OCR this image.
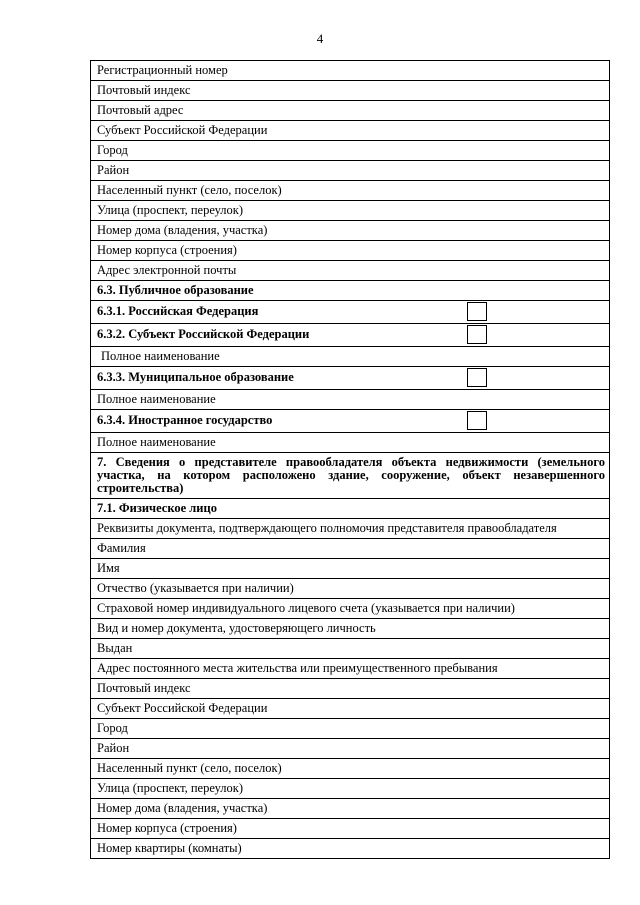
4
Регистрационный номер
Почтовый индекс
Почтовый адрес
Субъект Российской Федерации
Город
Район
Населенный пункт (село, поселок)
Улица (проспект, переулок)
Номер дома (владения, участка)
Номер корпуса (строения)
Адрес электронной почты
6.3. Публичное образование
6.3.1. Российская Федерация

6.3.2. Субъект Российской Федерации

Полное наименование
6.3.3. Муниципальное образование

Полное наименование
6.3.4. Иностранное государство

Полное наименование
7. Сведения о представителе правообладателя объекта недвижимости (земельного участка, на котором расположено здание, сооружение, объект незавершенного строительства)
7.1. Физическое лицо
Реквизиты документа, подтверждающего полномочия представителя правообладателя
Фамилия
Имя
Отчество (указывается при наличии)
Страховой номер индивидуального лицевого счета (указывается при наличии)
Вид и номер документа, удостоверяющего личность
Выдан
Адрес постоянного места жительства или преимущественного пребывания
Почтовый индекс
Субъект Российской Федерации
Город
Район
Населенный пункт (село, поселок)
Улица (проспект, переулок)
Номер дома (владения, участка)
Номер корпуса (строения)
Номер квартиры (комнаты)
